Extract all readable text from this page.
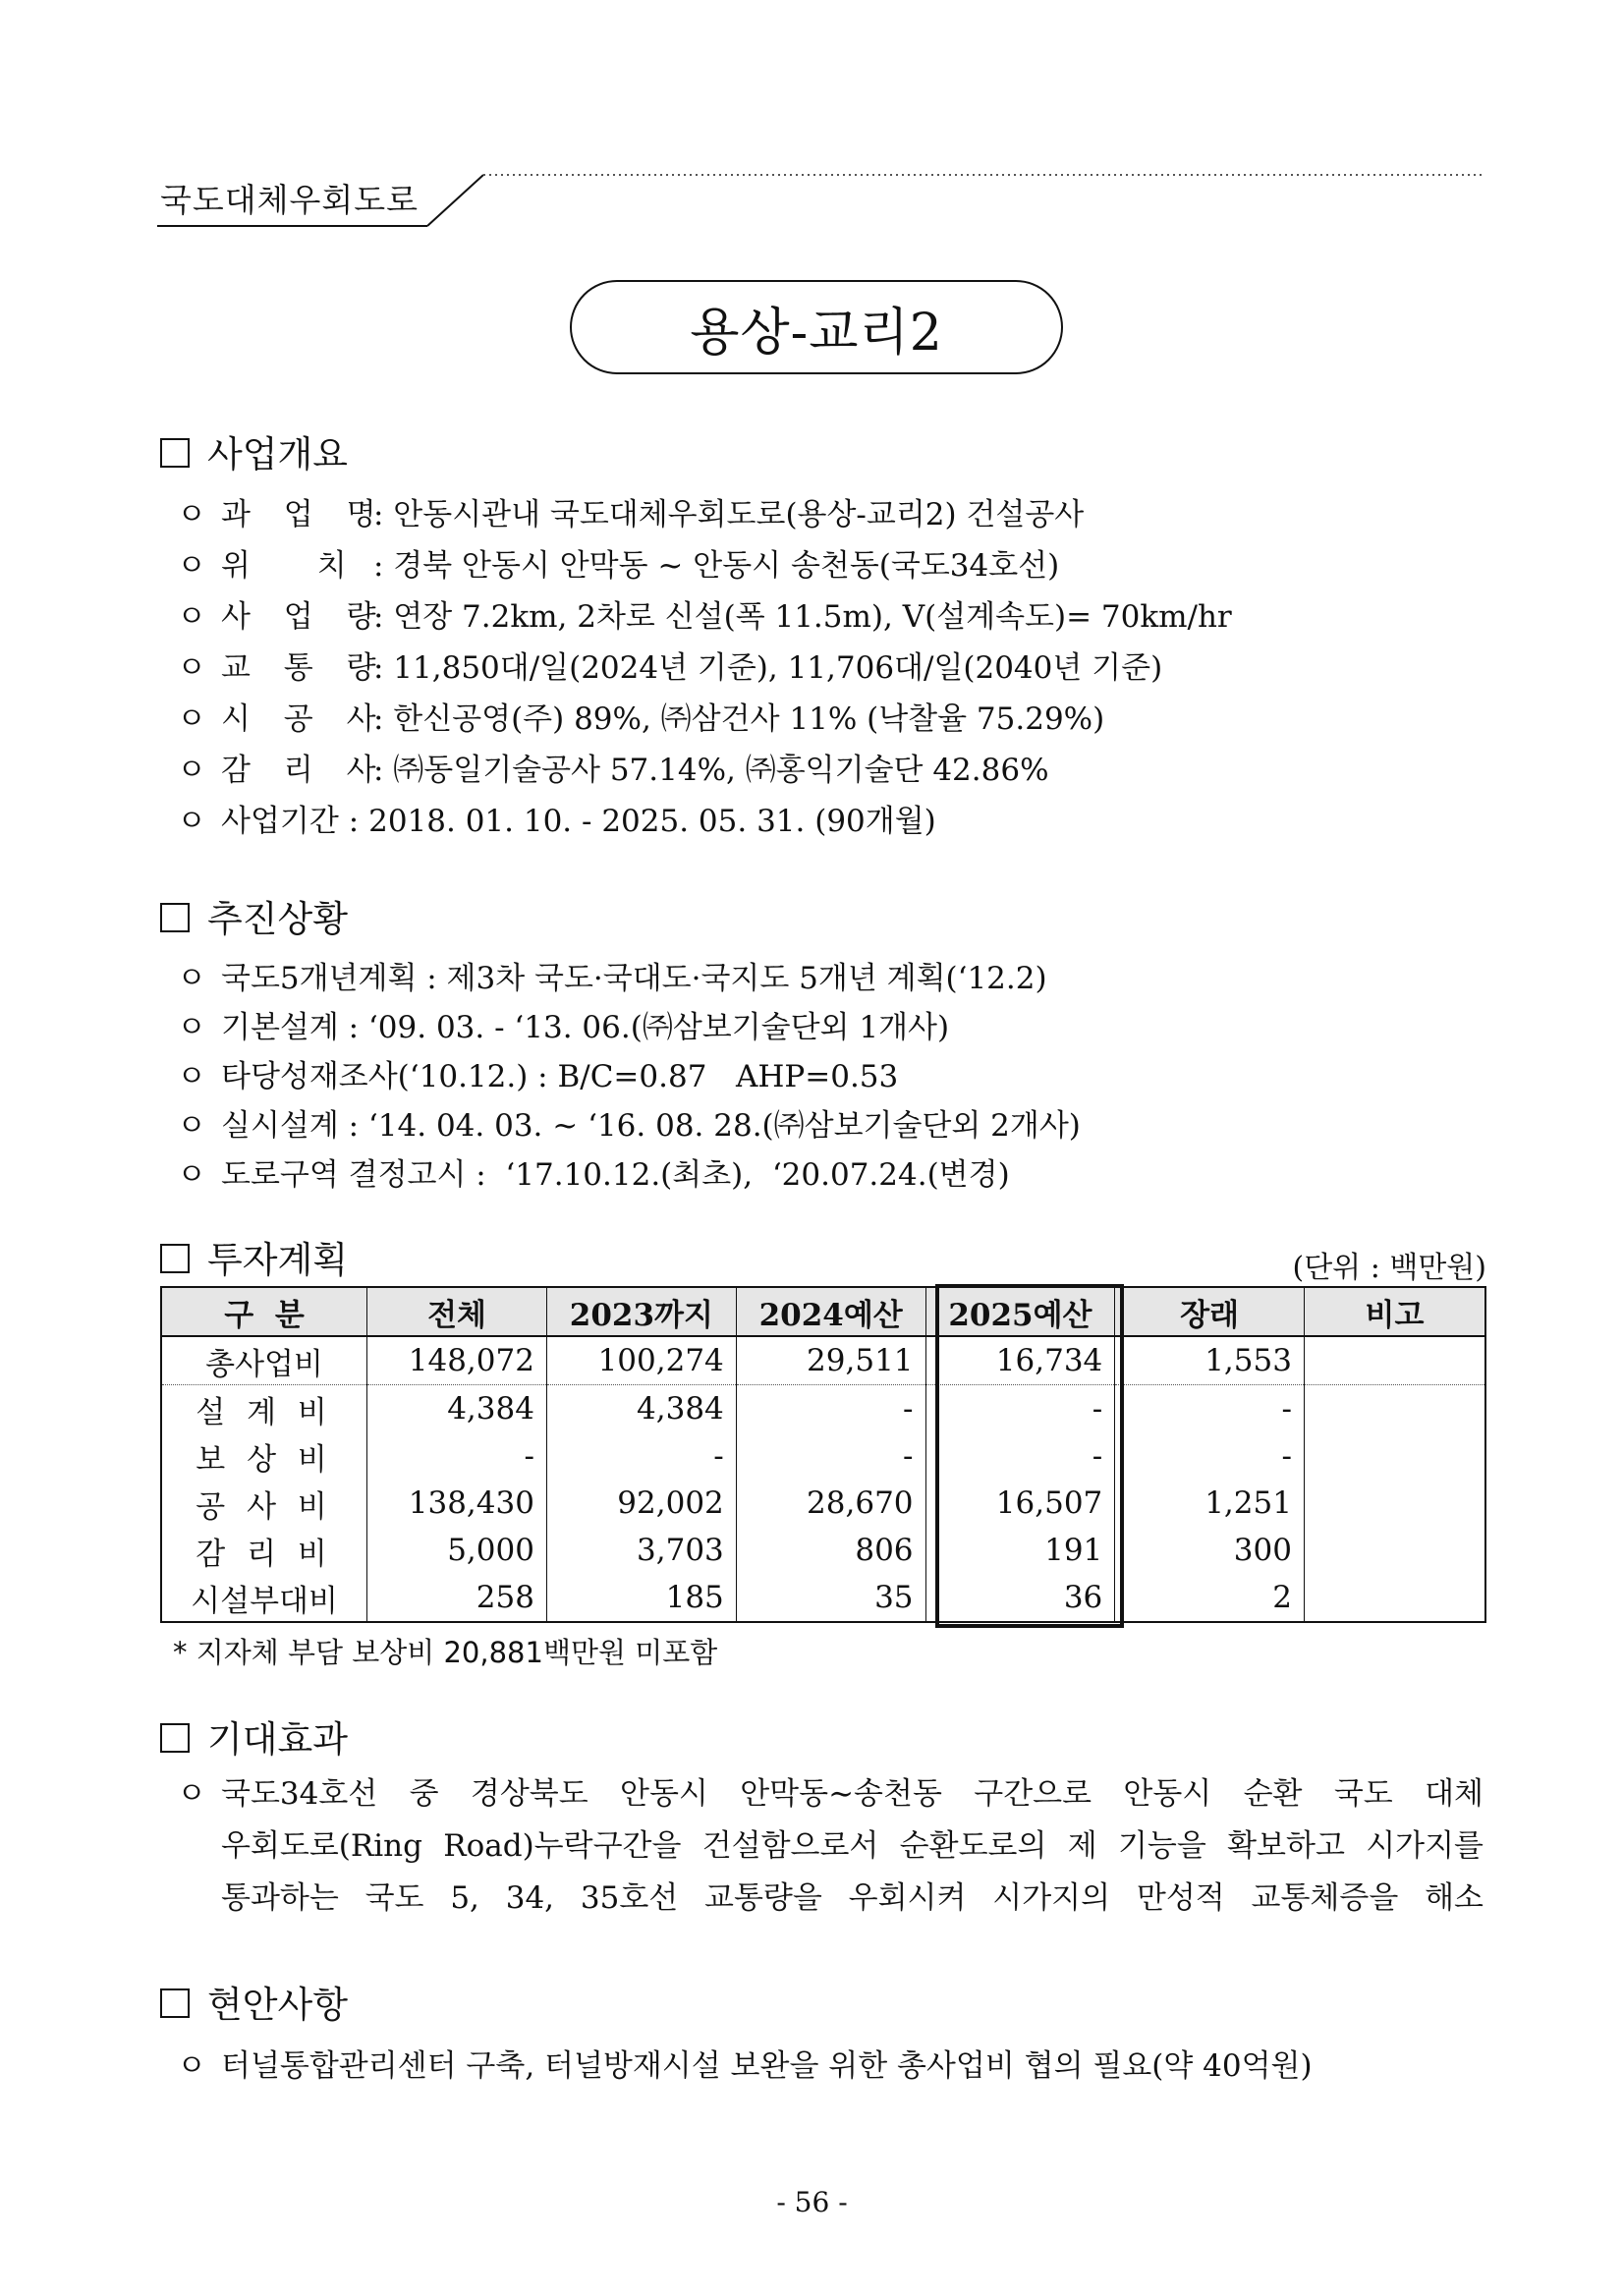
국도대체우회도로
용상-교리2
사업개요
ㅇ 과 업 명: 안동시관내 국도대체우회도로(용상-교리2) 건설공사
ㅇ 위 치 : 경북 안동시 안막동 ~ 안동시 송천동(국도34호선)
ㅇ 사 업 량: 연장 7.2km, 2차로 신설(폭 11.5m), V(설계속도)= 70km/hr
ㅇ 교 통 량: 11,850대/일(2024년 기준), 11,706대/일(2040년 기준)
ㅇ 시 공 사: 한신공영(주) 89%, ㈜삼건사 11% (낙찰율 75.29%)
ㅇ 감 리 사: ㈜동일기술공사 57.14%, ㈜홍익기술단 42.86%
ㅇ 사업기간 : 2018. 01. 10. - 2025. 05. 31. (90개월)
추진상황
ㅇ 국도5개년계획 : 제3차 국도·국대도·국지도 5개년 계획(‘12.2)
ㅇ 기본설계 : ‘09. 03. - ‘13. 06.(㈜삼보기술단외 1개사)
ㅇ 타당성재조사(‘10.12.) : B/C=0.87   AHP=0.53
ㅇ 실시설계 : ‘14. 04. 03. ~ ‘16. 08. 28.(㈜삼보기술단외 2개사)
ㅇ 도로구역 결정고시 :  ‘17.10.12.(최초),  ‘20.07.24.(변경)
투자계획	(단위 : 백만원)
구  분	전체	2023까지	2024예산	2025예산	장래	비고
총사업비	148,072	100,274	29,511	16,734	1,553	
설 계 비	4,384	4,384	-	-	-	
보 상 비	-	-	-	-	-	
공 사 비	138,430	92,002	28,670	16,507	1,251	
감 리 비	5,000	3,703	806	191	300	
시설부대비	258	185	35	36	2	
* 지자체 부담 보상비 20,881백만원 미포함
기대효과
ㅇ 국도34호선 중 경상북도 안동시 안막동∼송천동 구간으로 안동시 순환 국도 대체
우회도로(Ring Road)누락구간을 건설함으로서 순환도로의 제 기능을 확보하고 시가지를
통과하는 국도 5, 34, 35호선 교통량을 우회시켜 시가지의 만성적 교통체증을 해소
현안사항
ㅇ 터널통합관리센터 구축, 터널방재시설 보완을 위한 총사업비 협의 필요(약 40억원)
- 56 -
